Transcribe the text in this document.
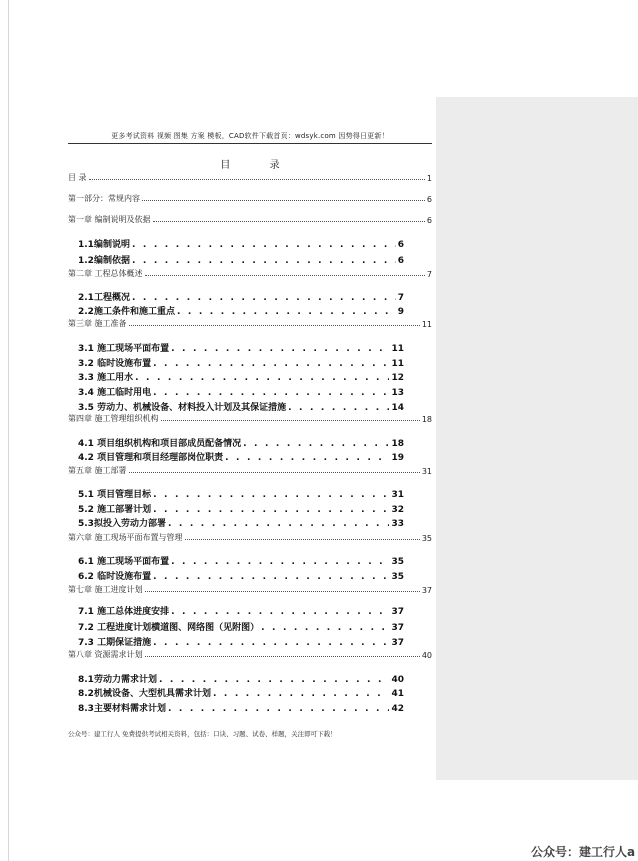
更多考试资料 视频 图集 方案 模板，CAD软件下载首页：wdsyk.com 因势得日更新！
目 录
目 录	1
第一部分：常规内容	6
第一章 编制说明及依据	6
1.1编制说明 . . .	6
1.2编制依据 . . .	6
第二章 工程总体概述	7
2.1工程概况 . . .	7
2.2施工条件和施工重点 . . .	9
第三章 施工准备	11
3.1 施工现场平面布置 . . .	11
3.2 临时设施布置 . . .	11
3.3 施工用水 . . .	12
3.4 施工临时用电 . . .	13
3.5 劳动力、机械设备、材料投入计划及其保证措施 . . .	14
第四章 施工管理组织机构	18
4.1 项目组织机构和项目部成员配备情况 . . .	18
4.2 项目管理和项目经理部岗位职责 . . .	19
第五章 施工部署	31
5.1 项目管理目标 . . .	31
5.2 施工部署计划 . . .	32
5.3拟投入劳动力部署 . . .	33
第六章 施工现场平面布置与管理	35
6.1 施工现场平面布置 . . .	35
6.2 临时设施布置 . . .	35
第七章 施工进度计划	37
7.1 施工总体进度安排 . . .	37
7.2 工程进度计划横道图、网络图（见附图） . . .	37
7.3 工期保证措施 . . .	37
第八章 资源需求计划	40
8.1劳动力需求计划 . . .	40
8.2机械设备、大型机具需求计划 . . .	41
8.3主要材料需求计划 . . .	42
公众号：建工行人 免费提供考试相关资料，包括：口诀、习题、试卷、样题，关注即可下载！
公众号：建工行人a
